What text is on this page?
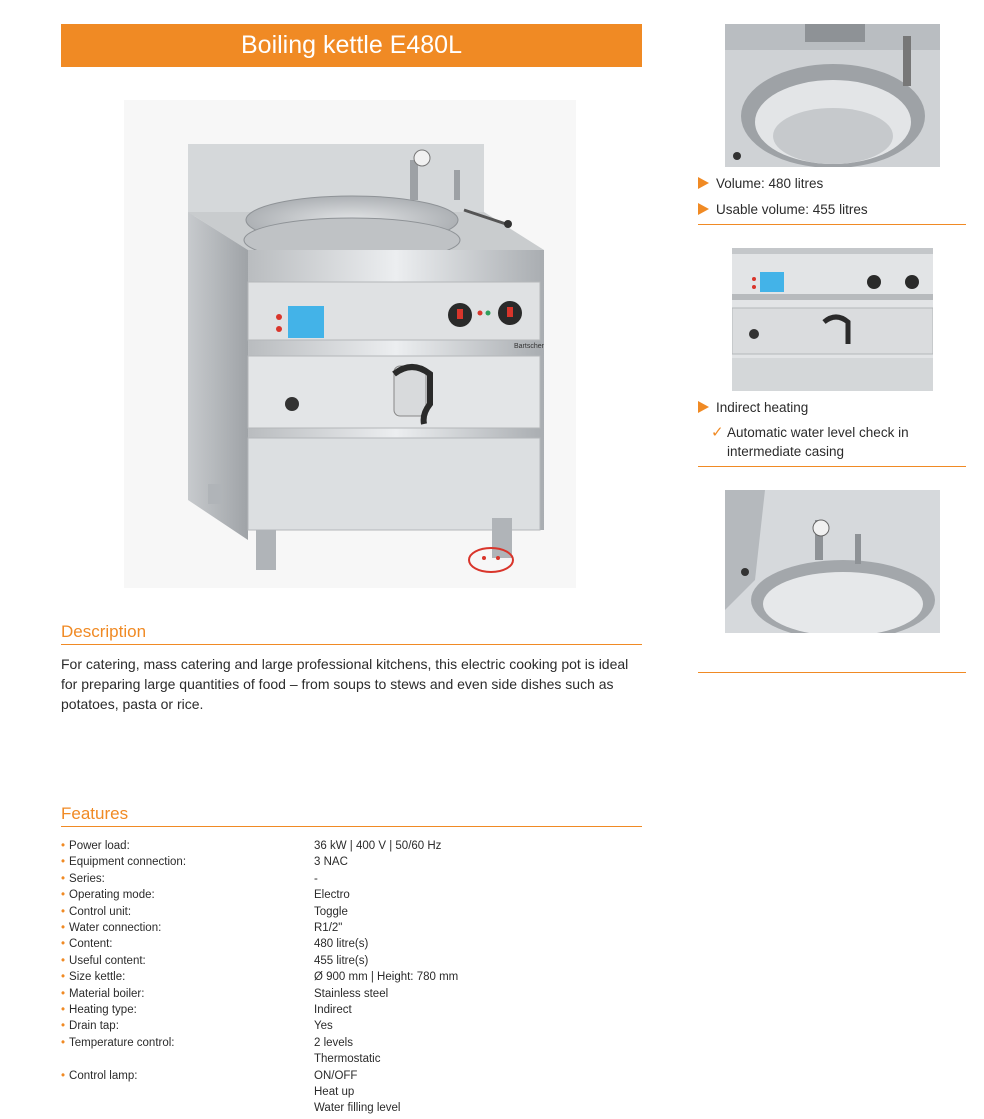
Boiling kettle E480L
Bartscher
Description
For catering, mass catering and large professional kitchens, this electric cooking pot is ideal for preparing large quantities of food – from soups to stews and even side dishes such as potatoes, pasta or rice.
Features
• Power load:	36 kW | 400 V | 50/60 Hz
• Equipment connection:	3 NAC
• Series:	-
• Operating mode:	Electro
• Control unit:	Toggle
• Water connection:	R1/2"
• Content:	480 litre(s)
• Useful content:	455 litre(s)
• Size kettle:	Ø 900 mm | Height: 780 mm
• Material boiler:	Stainless steel
• Heating type:	Indirect
• Drain tap:	Yes
• Temperature control:	2 levels
Thermostatic
• Control lamp:	ON/OFF
Heat up
Water filling level
Volume: 480 litres
Usable volume: 455 litres
Indirect heating
✓ Automatic water level check in intermediate casing
